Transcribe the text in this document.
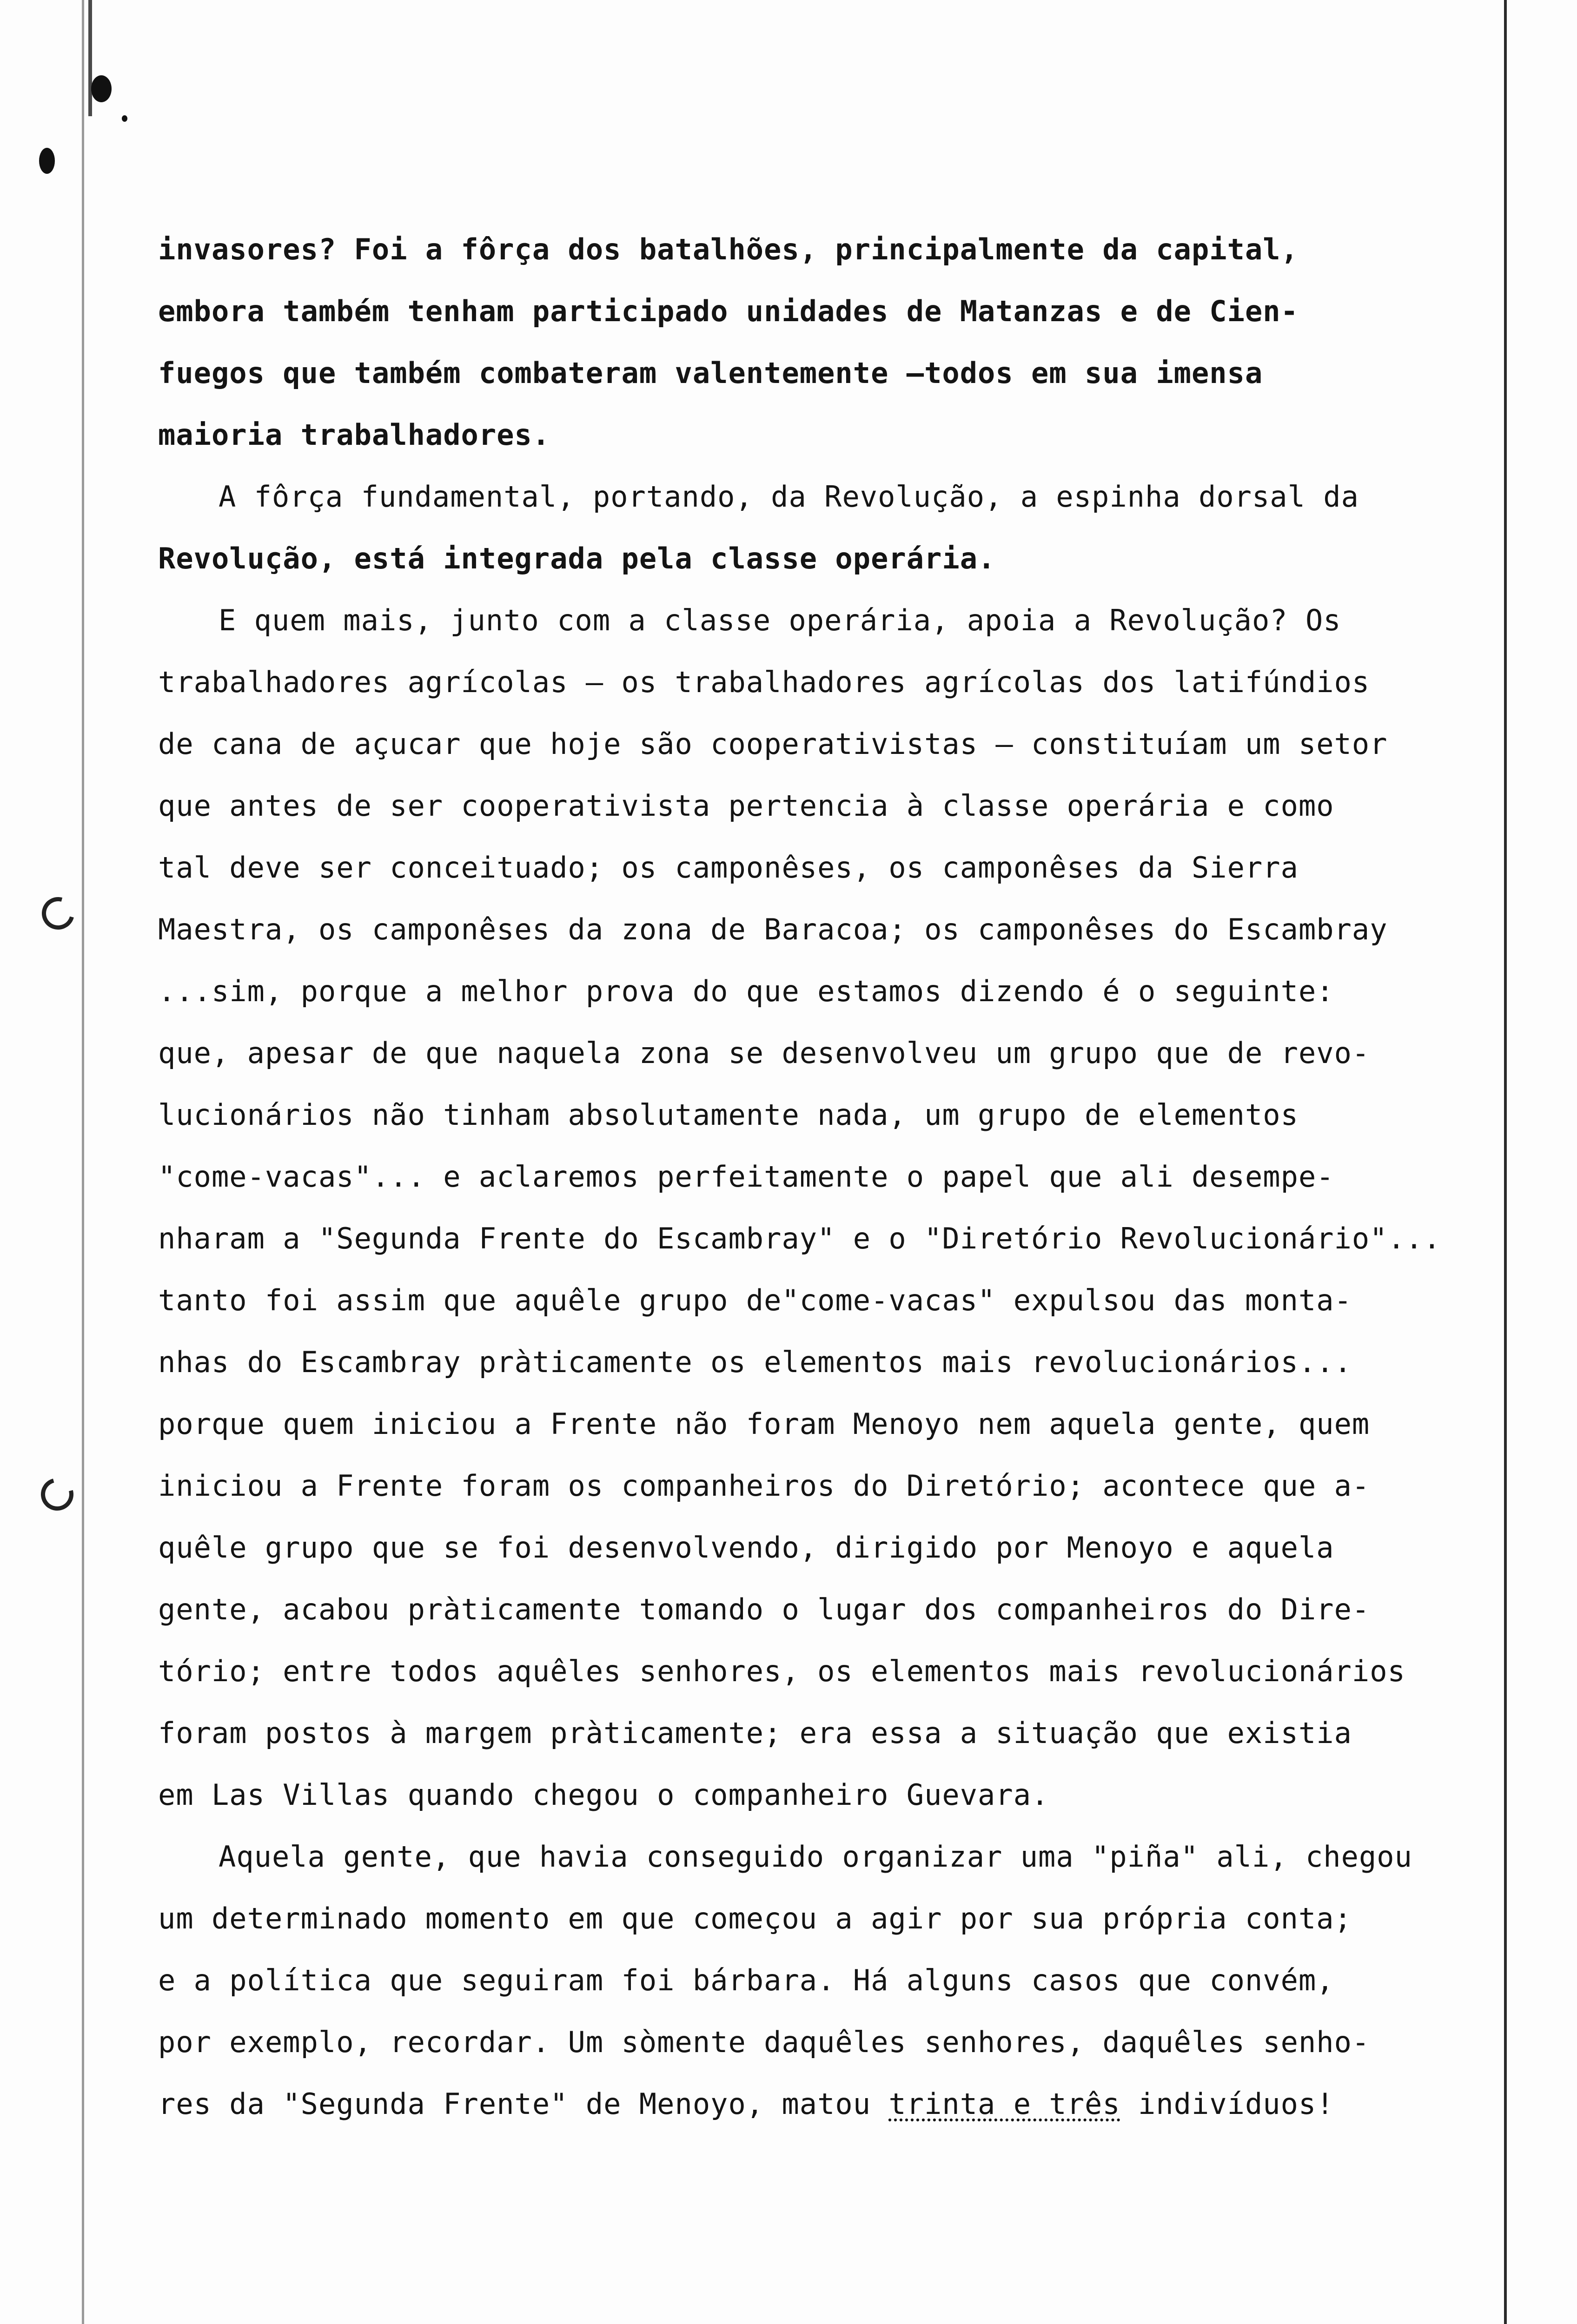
invasores? Foi a fôrça dos batalhões, principalmente da capital,
embora também tenham participado unidades de Matanzas e de Cien-
fuegos que também combateram valentemente —todos em sua imensa
maioria trabalhadores.
A fôrça fundamental, portando, da Revolução, a espinha dorsal da
Revolução, está integrada pela classe operária.
E quem mais, junto com a classe operária, apoia a Revolução? Os
trabalhadores agrícolas — os trabalhadores agrícolas dos latifúndios
de cana de açucar que hoje são cooperativistas — constituíam um setor
que antes de ser cooperativista pertencia à classe operária e como
tal deve ser conceituado; os camponêses, os camponêses da Sierra
Maestra, os camponêses da zona de Baracoa; os camponêses do Escambray
...sim, porque a melhor prova do que estamos dizendo é o seguinte:
que, apesar de que naquela zona se desenvolveu um grupo que de revo-
lucionários não tinham absolutamente nada, um grupo de elementos
"come-vacas"... e aclaremos perfeitamente o papel que ali desempe-
nharam a "Segunda Frente do Escambray" e o "Diretório Revolucionário"...
tanto foi assim que aquêle grupo de"come-vacas" expulsou das monta-
nhas do Escambray pràticamente os elementos mais revolucionários...
porque quem iniciou a Frente não foram Menoyo nem aquela gente, quem
iniciou a Frente foram os companheiros do Diretório; acontece que a-
quêle grupo que se foi desenvolvendo, dirigido por Menoyo e aquela
gente, acabou pràticamente tomando o lugar dos companheiros do Dire-
tório; entre todos aquêles senhores, os elementos mais revolucionários
foram postos à margem pràticamente; era essa a situação que existia
em Las Villas quando chegou o companheiro Guevara.
Aquela gente, que havia conseguido organizar uma "piña" ali, chegou
um determinado momento em que começou a agir por sua própria conta;
e a política que seguiram foi bárbara. Há alguns casos que convém,
por exemplo, recordar. Um sòmente daquêles senhores, daquêles senho-
res da "Segunda Frente" de Menoyo, matou trinta e três indivíduos!
